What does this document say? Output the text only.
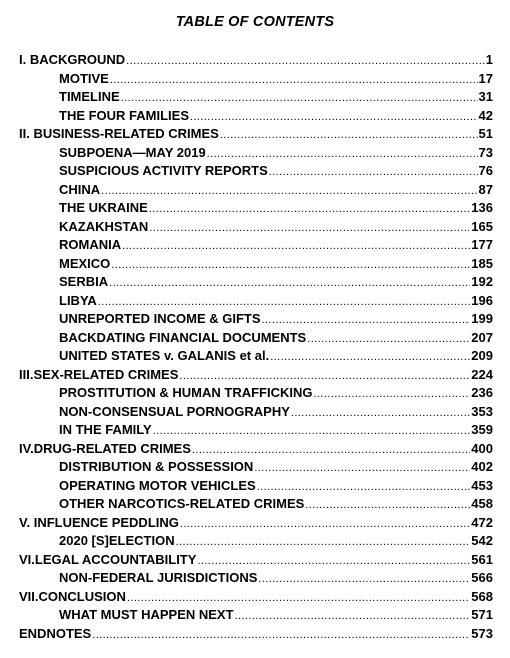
TABLE OF CONTENTS
I. BACKGROUND .....	1
MOTIVE .....	17
TIMELINE .....	31
THE FOUR FAMILIES .....	42
II. BUSINESS-RELATED CRIMES .....	51
SUBPOENA—MAY 2019 .....	73
SUSPICIOUS ACTIVITY REPORTS .....	76
CHINA .....	87
THE UKRAINE .....	136
KAZAKHSTAN .....	165
ROMANIA .....	177
MEXICO .....	185
SERBIA .....	192
LIBYA .....	196
UNREPORTED INCOME & GIFTS .....	199
BACKDATING FINANCIAL DOCUMENTS .....	207
UNITED STATES v. GALANIS et al. .....	209
III.SEX-RELATED CRIMES .....	224
PROSTITUTION & HUMAN TRAFFICKING .....	236
NON-CONSENSUAL PORNOGRAPHY .....	353
IN THE FAMILY .....	359
IV.DRUG-RELATED CRIMES .....	400
DISTRIBUTION & POSSESSION .....	402
OPERATING MOTOR VEHICLES .....	453
OTHER NARCOTICS-RELATED CRIMES .....	458
V. INFLUENCE PEDDLING .....	472
2020 [S]ELECTION .....	542
VI.LEGAL ACCOUNTABILITY .....	561
NON-FEDERAL JURISDICTIONS .....	566
VII.CONCLUSION .....	568
WHAT MUST HAPPEN NEXT .....	571
ENDNOTES .....	573
